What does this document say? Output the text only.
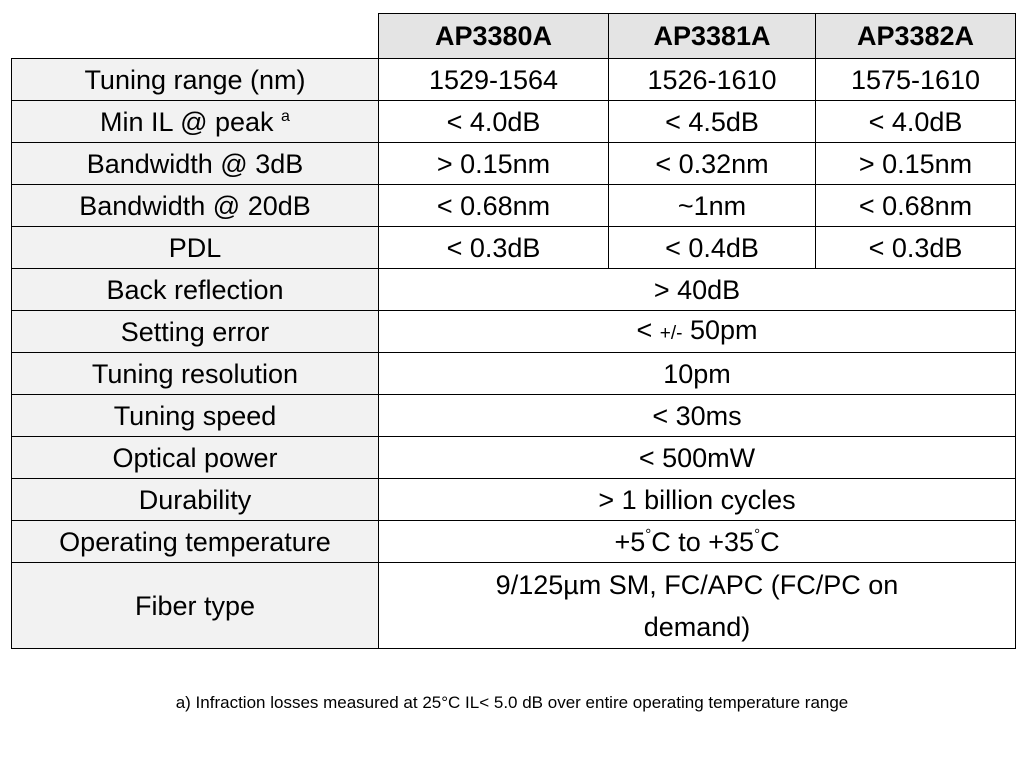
	AP3380A	AP3381A	AP3382A
Tuning range (nm)	1529-1564	1526-1610	1575-1610
Min IL @ peak $^a$	< 4.0dB	< 4.5dB	< 4.0dB
Bandwidth @ 3dB	> 0.15nm	< 0.32nm	> 0.15nm
Bandwidth @ 20dB	< 0.68nm	~1nm	< 0.68nm
PDL	< 0.3dB	< 0.4dB	< 0.3dB
Back reflection	> 40dB		
Setting error	< +/- 50pm		
Tuning resolution	10pm		
Tuning speed	< 30ms		
Optical power	< 500mW		
Durability	> 1 billion cycles		
Operating temperature	+5°C to +35°C		
Fiber type	9/125µm SM, FC/APC (FC/PC on
demand)		
a) Infraction losses measured at 25°C IL< 5.0 dB over entire operating temperature range
